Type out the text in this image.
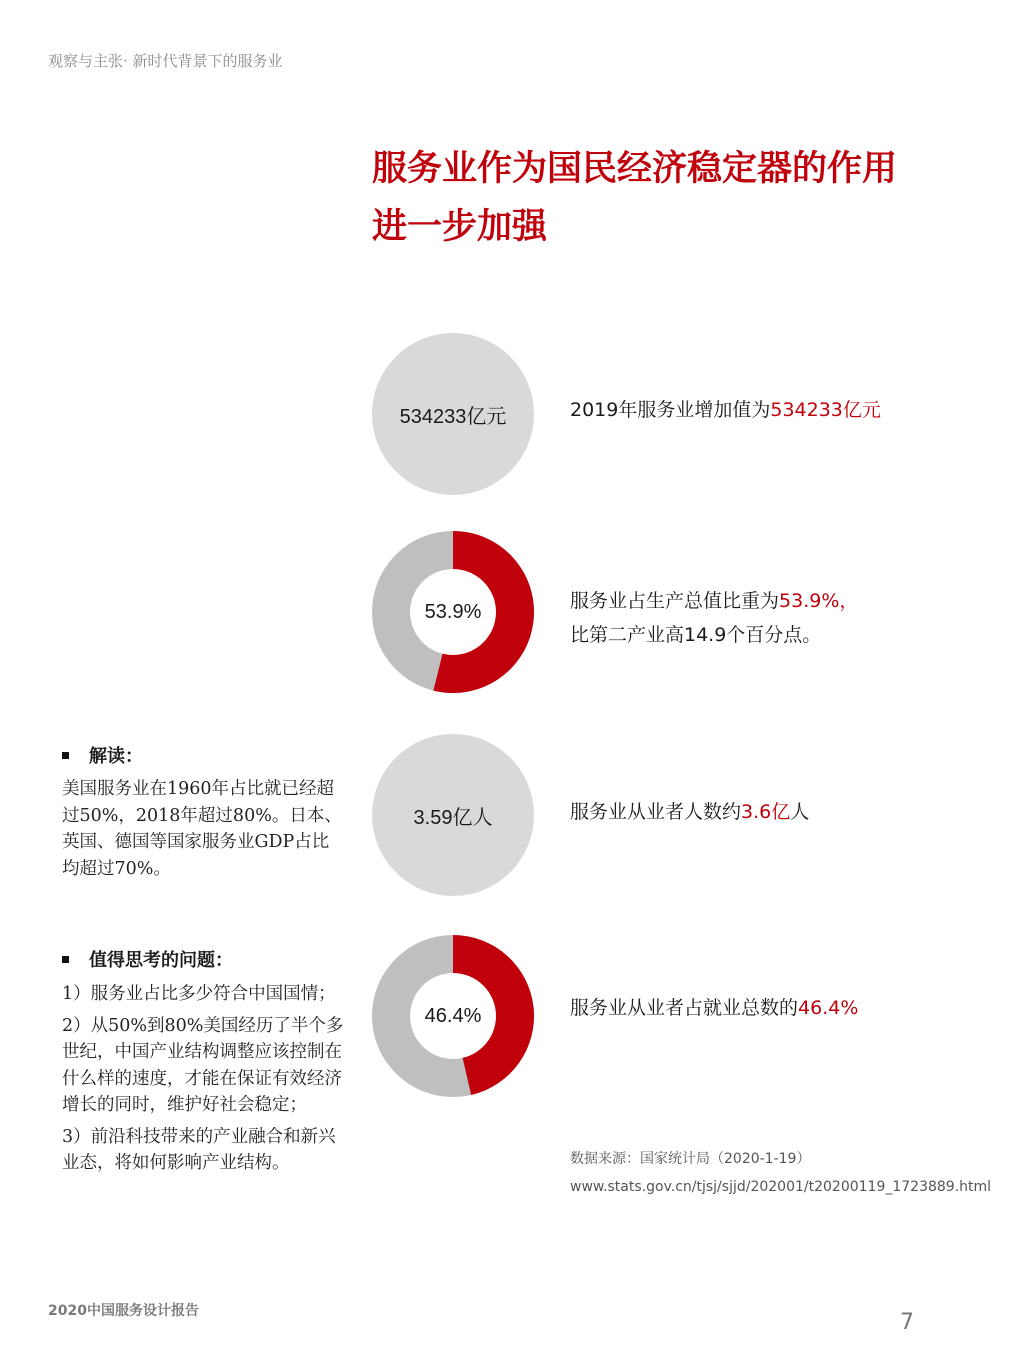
观察与主张· 新时代背景下的服务业
服务业作为国民经济稳定器的作用
进一步加强
534233亿元	2019年服务业增加值为534233亿元
53.9%	服务业占生产总值比重为53.9%，
比第二产业高14.9个百分点。
3.59亿人	服务业从业者人数约3.6亿人
46.4%	服务业从业者占就业总数的46.4%
解读：

美国服务业在1960年占比就已经超过50%，2018年超过80%。日本、英国、德国等国家服务业GDP占比均超过70%。

值得思考的问题：

1）服务业占比多少符合中国国情；

2）从50%到80%美国经历了半个多世纪，中国产业结构调整应该控制在什么样的速度，才能在保证有效经济增长的同时，维护好社会稳定；

3）前沿科技带来的产业融合和新兴业态，将如何影响产业结构。	数据来源：国家统计局（2020-1-19）
www.stats.gov.cn/tjsj/sjjd/202001/t20200119_1723889.html
2020中国服务设计报告	7
